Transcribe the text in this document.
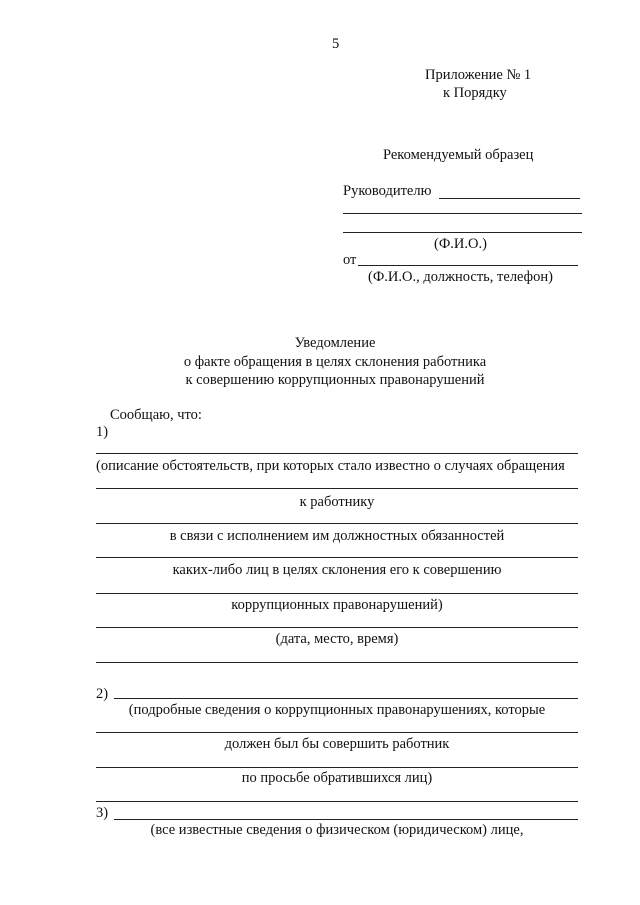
5
Приложение № 1
к Порядку
Рекомендуемый образец
Руководителю
(Ф.И.О.)
от
(Ф.И.О., должность, телефон)
Уведомление
о факте обращения в целях склонения работника
к совершению коррупционных правонарушений
Сообщаю, что:
1)
(описание обстоятельств, при которых стало известно о случаях обращения
к работнику
в связи с исполнением им должностных обязанностей
каких-либо лиц в целях склонения его к совершению
коррупционных правонарушений)
(дата, место, время)
2)
(подробные сведения о коррупционных правонарушениях, которые
должен был бы совершить работник
по просьбе обратившихся лиц)
3)
(все известные сведения о физическом (юридическом) лице,
